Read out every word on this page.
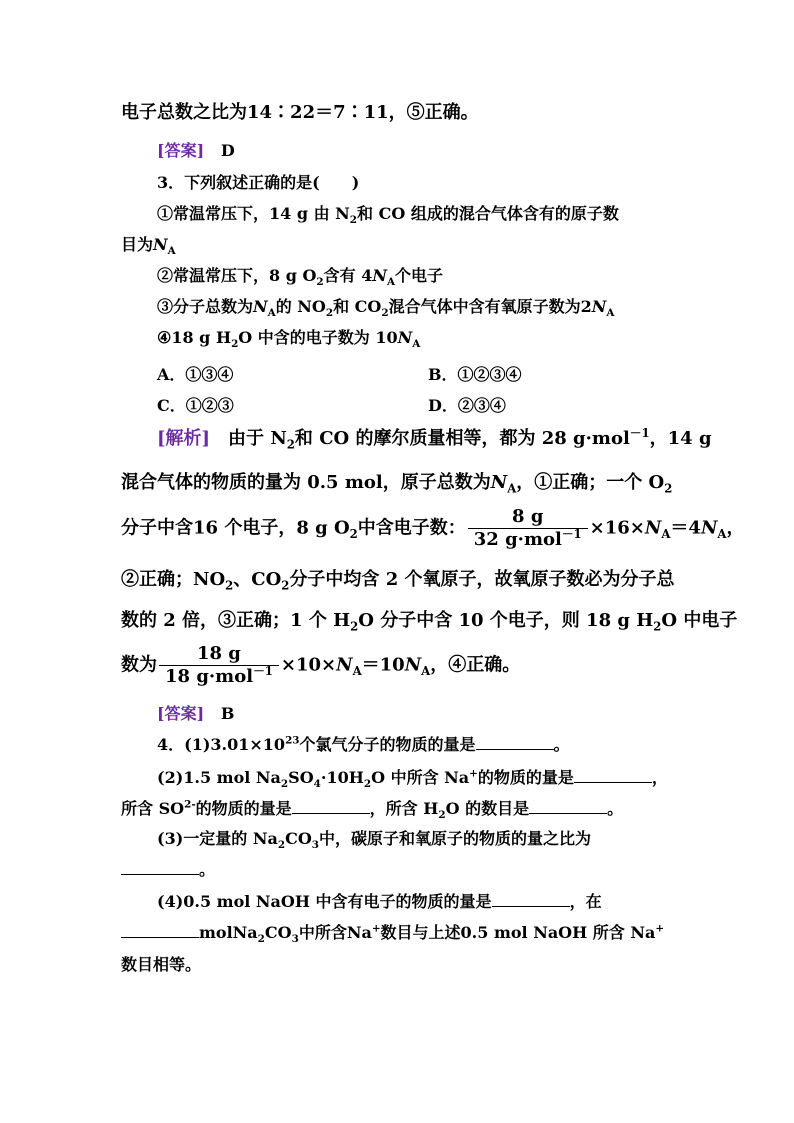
电子总数之比为14∶22＝7∶11，⑤正确。
[答案] D
3．下列叙述正确的是(　　)
①常温常压下，14 g 由 $N_2$和 CO 组成的混合气体含有的原子数
目为$N_A$
②常温常压下，8 g $O_2$含有 $4N_A$个电子
③分子总数为$N_A$的 $NO_2$和 $CO_2$混合气体中含有氧原子数为$2N_A$
④18 g $H_2O$ 中含的电子数为 $10N_A$
A．①③④	B．①②③④
C．①②③	D．②③④
[解析]　由于 $N_2$和 CO 的摩尔质量相等，都为 28 g·mol$^{-1}$，14 g
混合气体的物质的量为 0.5 mol，原子总数为$N_A$，①正确；一个 $O_2$
分子中含16 个电子，8 g $O_2$中含电子数： $\frac{8 g}{32 g\cdot mol^{-1}} \times 16\times N_A=4N_A$，
②正确；$NO_2$、$CO_2$分子中均含 2 个氧原子，故氧原子数必为分子总
数的 2 倍，③正确；1 个 $H_2O$ 分子中含 10 个电子，则 18 g $H_2O$ 中电子
数为 $\frac{18 g}{18 g\cdot mol^{-1}} \times 10\times N_A=10N_A$，④正确。
[答案] B
4．$(1)3.01\times 10^{23}$个氯气分子的物质的量是	。
(2)1.5 mol $Na_2SO_4\cdot 10H_2O$ 中所含 Na+的物质的量是	，
所含 $SO^{2-}$的物质的量是	，所含 $H_2O$ 的数目是	。
(3)一定量的 $Na_2CO_3$中，碳原子和氧原子的物质的量之比为
。
(4)0.5 mol NaOH 中含有电子的物质的量是	，在
$molNa_2CO_3$中所含Na+数目与上述0.5 mol NaOH 所含 Na+
数目相等。
